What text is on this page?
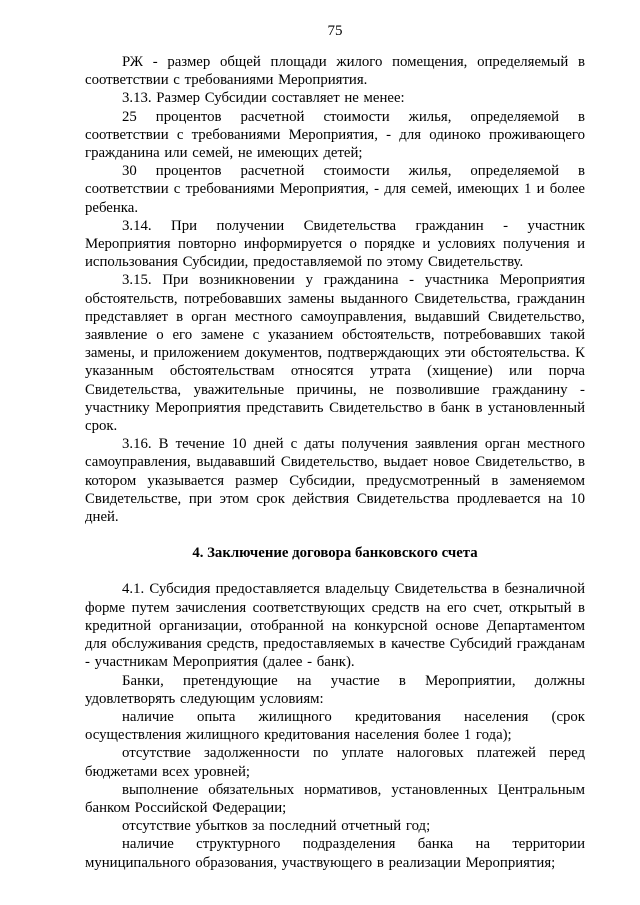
75

РЖ - размер общей площади жилого помещения, определяемый в соответствии с требованиями Мероприятия.

3.13. Размер Субсидии составляет не менее:

25 процентов расчетной стоимости жилья, определяемой в соответствии с требованиями Мероприятия, - для одиноко проживающего гражданина или семей, не имеющих детей;

30 процентов расчетной стоимости жилья, определяемой в соответствии с требованиями Мероприятия, - для семей, имеющих 1 и более ребенка.

3.14. При получении Свидетельства гражданин - участник Мероприятия повторно информируется о порядке и условиях получения и использования Субсидии, предоставляемой по этому Свидетельству.

3.15. При возникновении у гражданина - участника Мероприятия обстоятельств, потребовавших замены выданного Свидетельства, гражданин представляет в орган местного самоуправления, выдавший Свидетельство, заявление о его замене с указанием обстоятельств, потребовавших такой замены, и приложением документов, подтверждающих эти обстоятельства. К указанным обстоятельствам относятся утрата (хищение) или порча Свидетельства, уважительные причины, не позволившие гражданину - участнику Мероприятия представить Свидетельство в банк в установленный срок.

3.16. В течение 10 дней с даты получения заявления орган местного самоуправления, выдававший Свидетельство, выдает новое Свидетельство, в котором указывается размер Субсидии, предусмотренный в заменяемом Свидетельстве, при этом срок действия Свидетельства продлевается на 10 дней.

4. Заключение договора банковского счета

4.1. Субсидия предоставляется владельцу Свидетельства в безналичной форме путем зачисления соответствующих средств на его счет, открытый в кредитной организации, отобранной на конкурсной основе Департаментом для обслуживания средств, предоставляемых в качестве Субсидий гражданам - участникам Мероприятия (далее - банк).

Банки, претендующие на участие в Мероприятии, должны удовлетворять следующим условиям:

наличие опыта жилищного кредитования населения (срок осуществления жилищного кредитования населения более 1 года);

отсутствие задолженности по уплате налоговых платежей перед бюджетами всех уровней;

выполнение обязательных нормативов, установленных Центральным банком Российской Федерации;

отсутствие убытков за последний отчетный год;

наличие структурного подразделения банка на территории муниципального образования, участвующего в реализации Мероприятия;
